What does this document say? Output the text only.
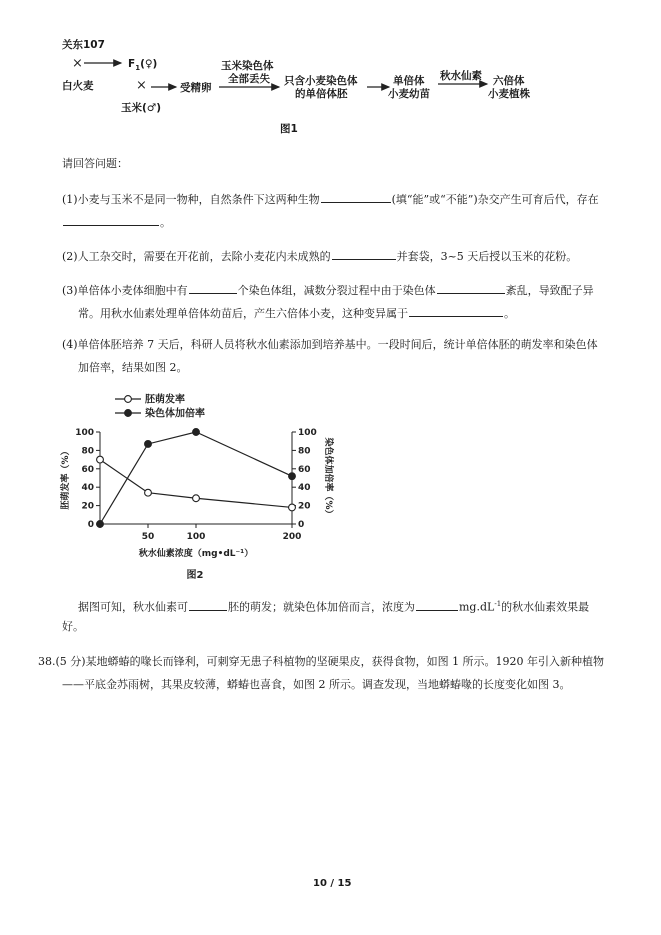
关东107
×
白火麦
$F_1(♀)$
×
玉米(♂)
受精卵
玉米染色体
全部丢失 只含小麦染色体
的单倍体胚
单倍体
小麦幼苗
秋水仙素 六倍体
小麦植株
图1
请回答问题：
(1)小麦与玉米不是同一物种，自然条件下这两种生物	(填“能”或“不能”)杂交产生可育后代，存在
。
(2)人工杂交时，需要在开花前，去除小麦花内未成熟的	并套袋，3~5 天后授以玉米的花粉。
(3)单倍体小麦体细胞中有	个染色体组，减数分裂过程中由于染色体	紊乱，导致配子异
常。用秋水仙素处理单倍体幼苗后，产生六倍体小麦，这种变异属于	。
(4)单倍体胚培养 7 天后，科研人员将秋水仙素添加到培养基中。一段时间后，统计单倍体胚的萌发率和染色体
加倍率，结果如图 2。
0	0
20	20
40	40
60	60
80	80
100	100
50	100	200
秋水仙素浓度（mg•dL⁻¹）
胚萌发率（%）	染色体加倍率（%）
胚萌发率
染色体加倍率
图2
据图可知，秋水仙素可	胚的萌发；就染色体加倍而言，浓度为	$mg.dL^{-1}$的秋水仙素效果最
好。
38.(5 分)某地蟒蝽的喙长而锋利，可刺穿无患子科植物的坚硬果皮，获得食物，如图 1 所示。1920 年引入新种植物
——平底金苏雨树，其果皮较薄，蟒蝽也喜食，如图 2 所示。调查发现，当地蟒蝽喙的长度变化如图 3。
10 / 15
